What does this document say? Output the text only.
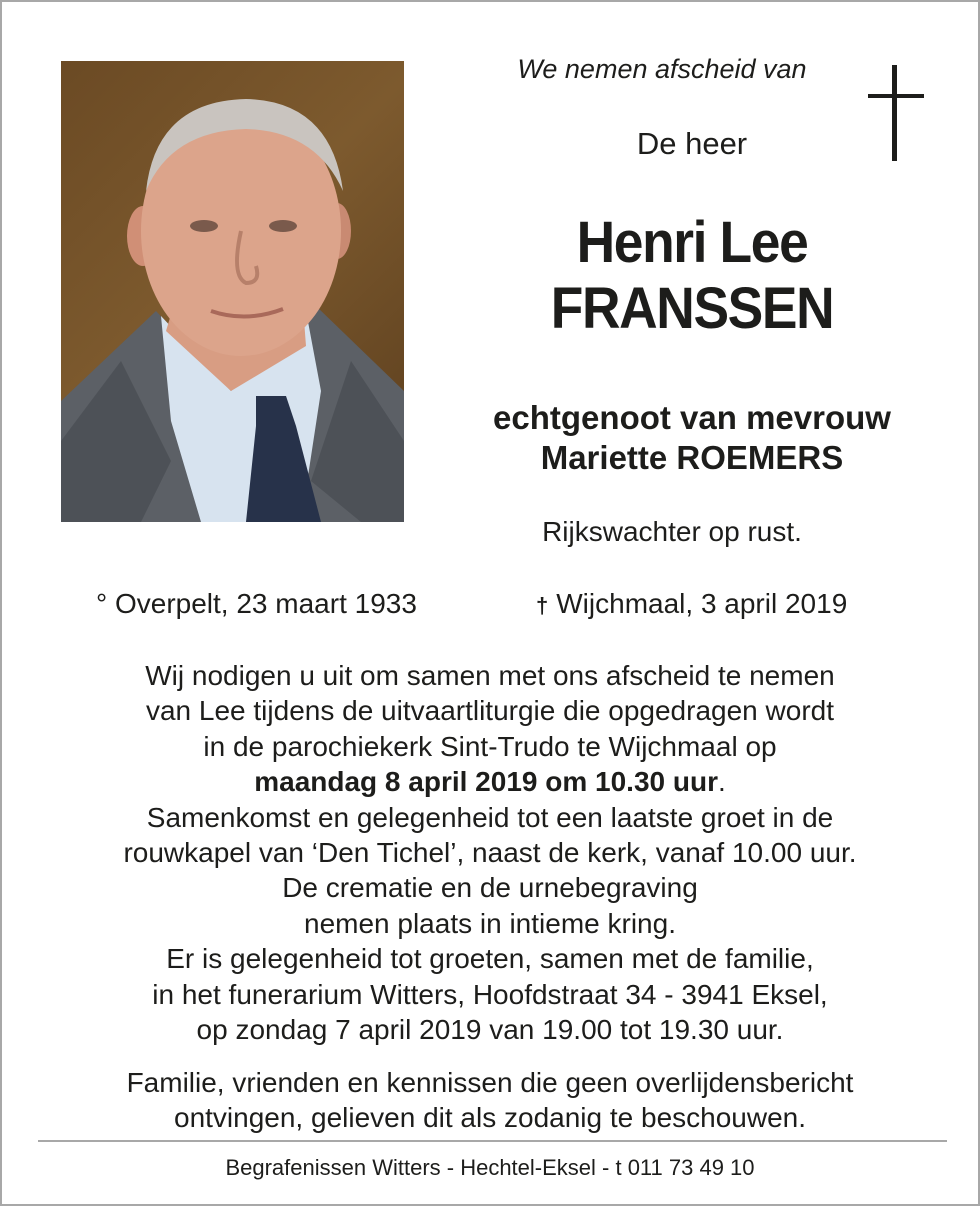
We nemen afscheid van
De heer
Henri Lee
FRANSSEN
echtgenoot van mevrouw
Mariette ROEMERS
Rijkswachter op rust.
° Overpelt, 23 maart 1933	† Wijchmaal, 3 april 2019
Wij nodigen u uit om samen met ons afscheid te nemen
van Lee tijdens de uitvaartliturgie die opgedragen wordt
in de parochiekerk Sint-Trudo te Wijchmaal op
maandag 8 april 2019 om 10.30 uur.
Samenkomst en gelegenheid tot een laatste groet in de
rouwkapel van ‘Den Tichel’, naast de kerk, vanaf 10.00 uur.
De crematie en de urnebegraving
nemen plaats in intieme kring.
Er is gelegenheid tot groeten, samen met de familie,
in het funerarium Witters, Hoofdstraat 34 - 3941 Eksel,
op zondag 7 april 2019 van 19.00 tot 19.30 uur.
Familie, vrienden en kennissen die geen overlijdensbericht
ontvingen, gelieven dit als zodanig te beschouwen.
Begrafenissen Witters - Hechtel-Eksel - t 011 73 49 10
